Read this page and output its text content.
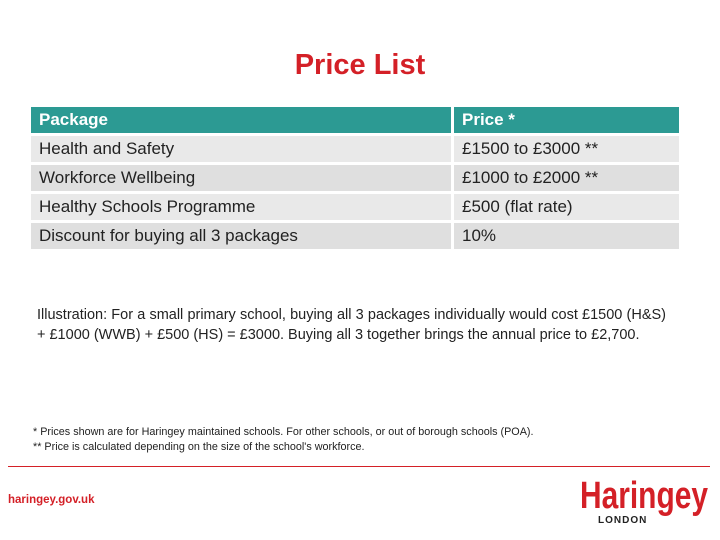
Price List
Package	Price *
Health and Safety	£1500 to £3000 **
Workforce Wellbeing	£1000 to £2000 **
Healthy Schools Programme	£500 (flat rate)
Discount for buying all 3 packages	10%
Illustration: For a small primary school, buying all 3 packages individually would cost £1500 (H&S) + £1000 (WWB) + £500 (HS) = £3000. Buying all 3 together brings the annual price to £2,700.
* Prices shown are for Haringey maintained schools. For other schools, or out of borough schools (POA).
** Price is calculated depending on the size of the school's workforce.
haringey.gov.uk	Haringey
LONDON
